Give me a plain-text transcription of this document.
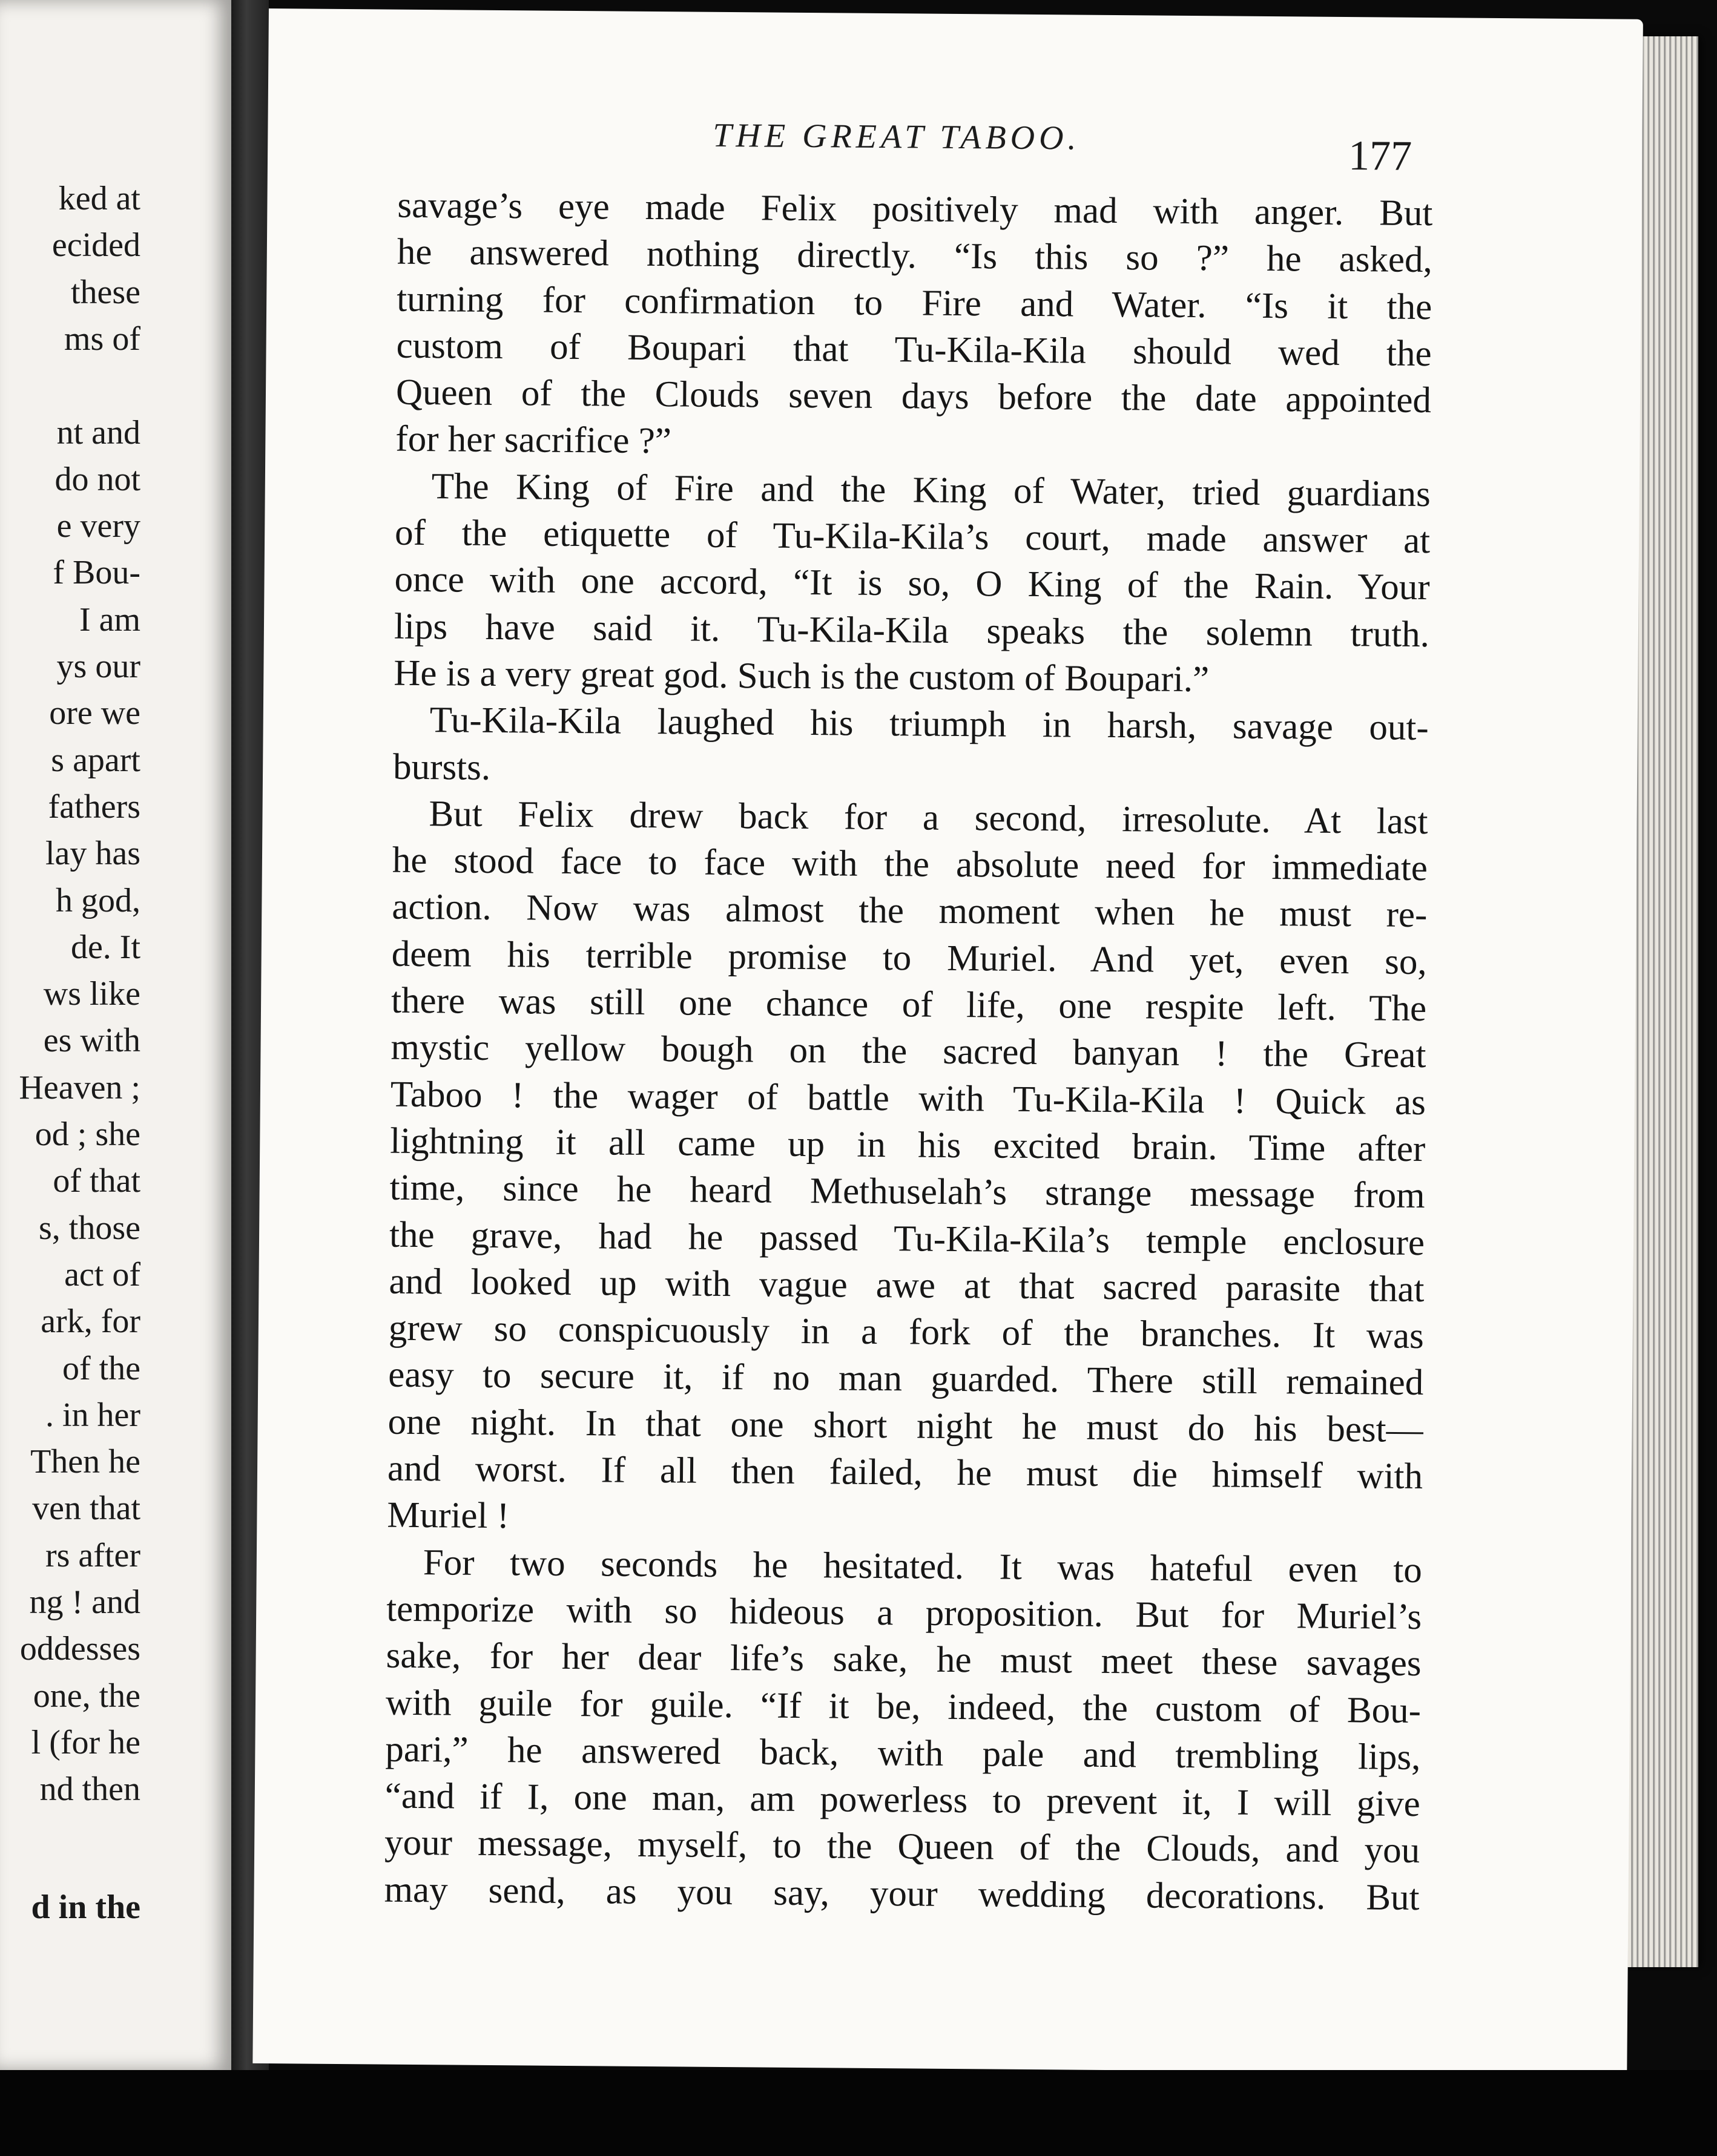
ked at
ecided
these
ms of
nt and
do not
e very
f Bou-
I am
ys our
ore we
s apart
fathers
lay has
h god,
de. It
ws like
es with
Heaven ;
od ; she
of that
s, those
act of
ark, for
of the
. in her
Then he
ven that
rs after
ng ! and
oddesses
one, the
l (for he
nd then
d in the
THE GREAT TABOO.	177
savage’s eye made Felix positively mad with anger. But
he answered nothing directly. “Is this so ?” he asked,
turning for confirmation to Fire and Water. “Is it the
custom of Boupari that Tu-Kila-Kila should wed the
Queen of the Clouds seven days before the date appointed
for her sacrifice ?”
The King of Fire and the King of Water, tried guardians
of the etiquette of Tu-Kila-Kila’s court, made answer at
once with one accord, “It is so, O King of the Rain. Your
lips have said it. Tu-Kila-Kila speaks the solemn truth.
He is a very great god. Such is the custom of Boupari.”
Tu-Kila-Kila laughed his triumph in harsh, savage out-
bursts.
But Felix drew back for a second, irresolute. At last
he stood face to face with the absolute need for immediate
action. Now was almost the moment when he must re-
deem his terrible promise to Muriel. And yet, even so,
there was still one chance of life, one respite left. The
mystic yellow bough on the sacred banyan ! the Great
Taboo ! the wager of battle with Tu-Kila-Kila ! Quick as
lightning it all came up in his excited brain. Time after
time, since he heard Methuselah’s strange message from
the grave, had he passed Tu-Kila-Kila’s temple enclosure
and looked up with vague awe at that sacred parasite that
grew so conspicuously in a fork of the branches. It was
easy to secure it, if no man guarded. There still remained
one night. In that one short night he must do his best—
and worst. If all then failed, he must die himself with
Muriel !
For two seconds he hesitated. It was hateful even to
temporize with so hideous a proposition. But for Muriel’s
sake, for her dear life’s sake, he must meet these savages
with guile for guile. “If it be, indeed, the custom of Bou-
pari,” he answered back, with pale and trembling lips,
“and if I, one man, am powerless to prevent it, I will give
your message, myself, to the Queen of the Clouds, and you
may send, as you say, your wedding decorations. But
